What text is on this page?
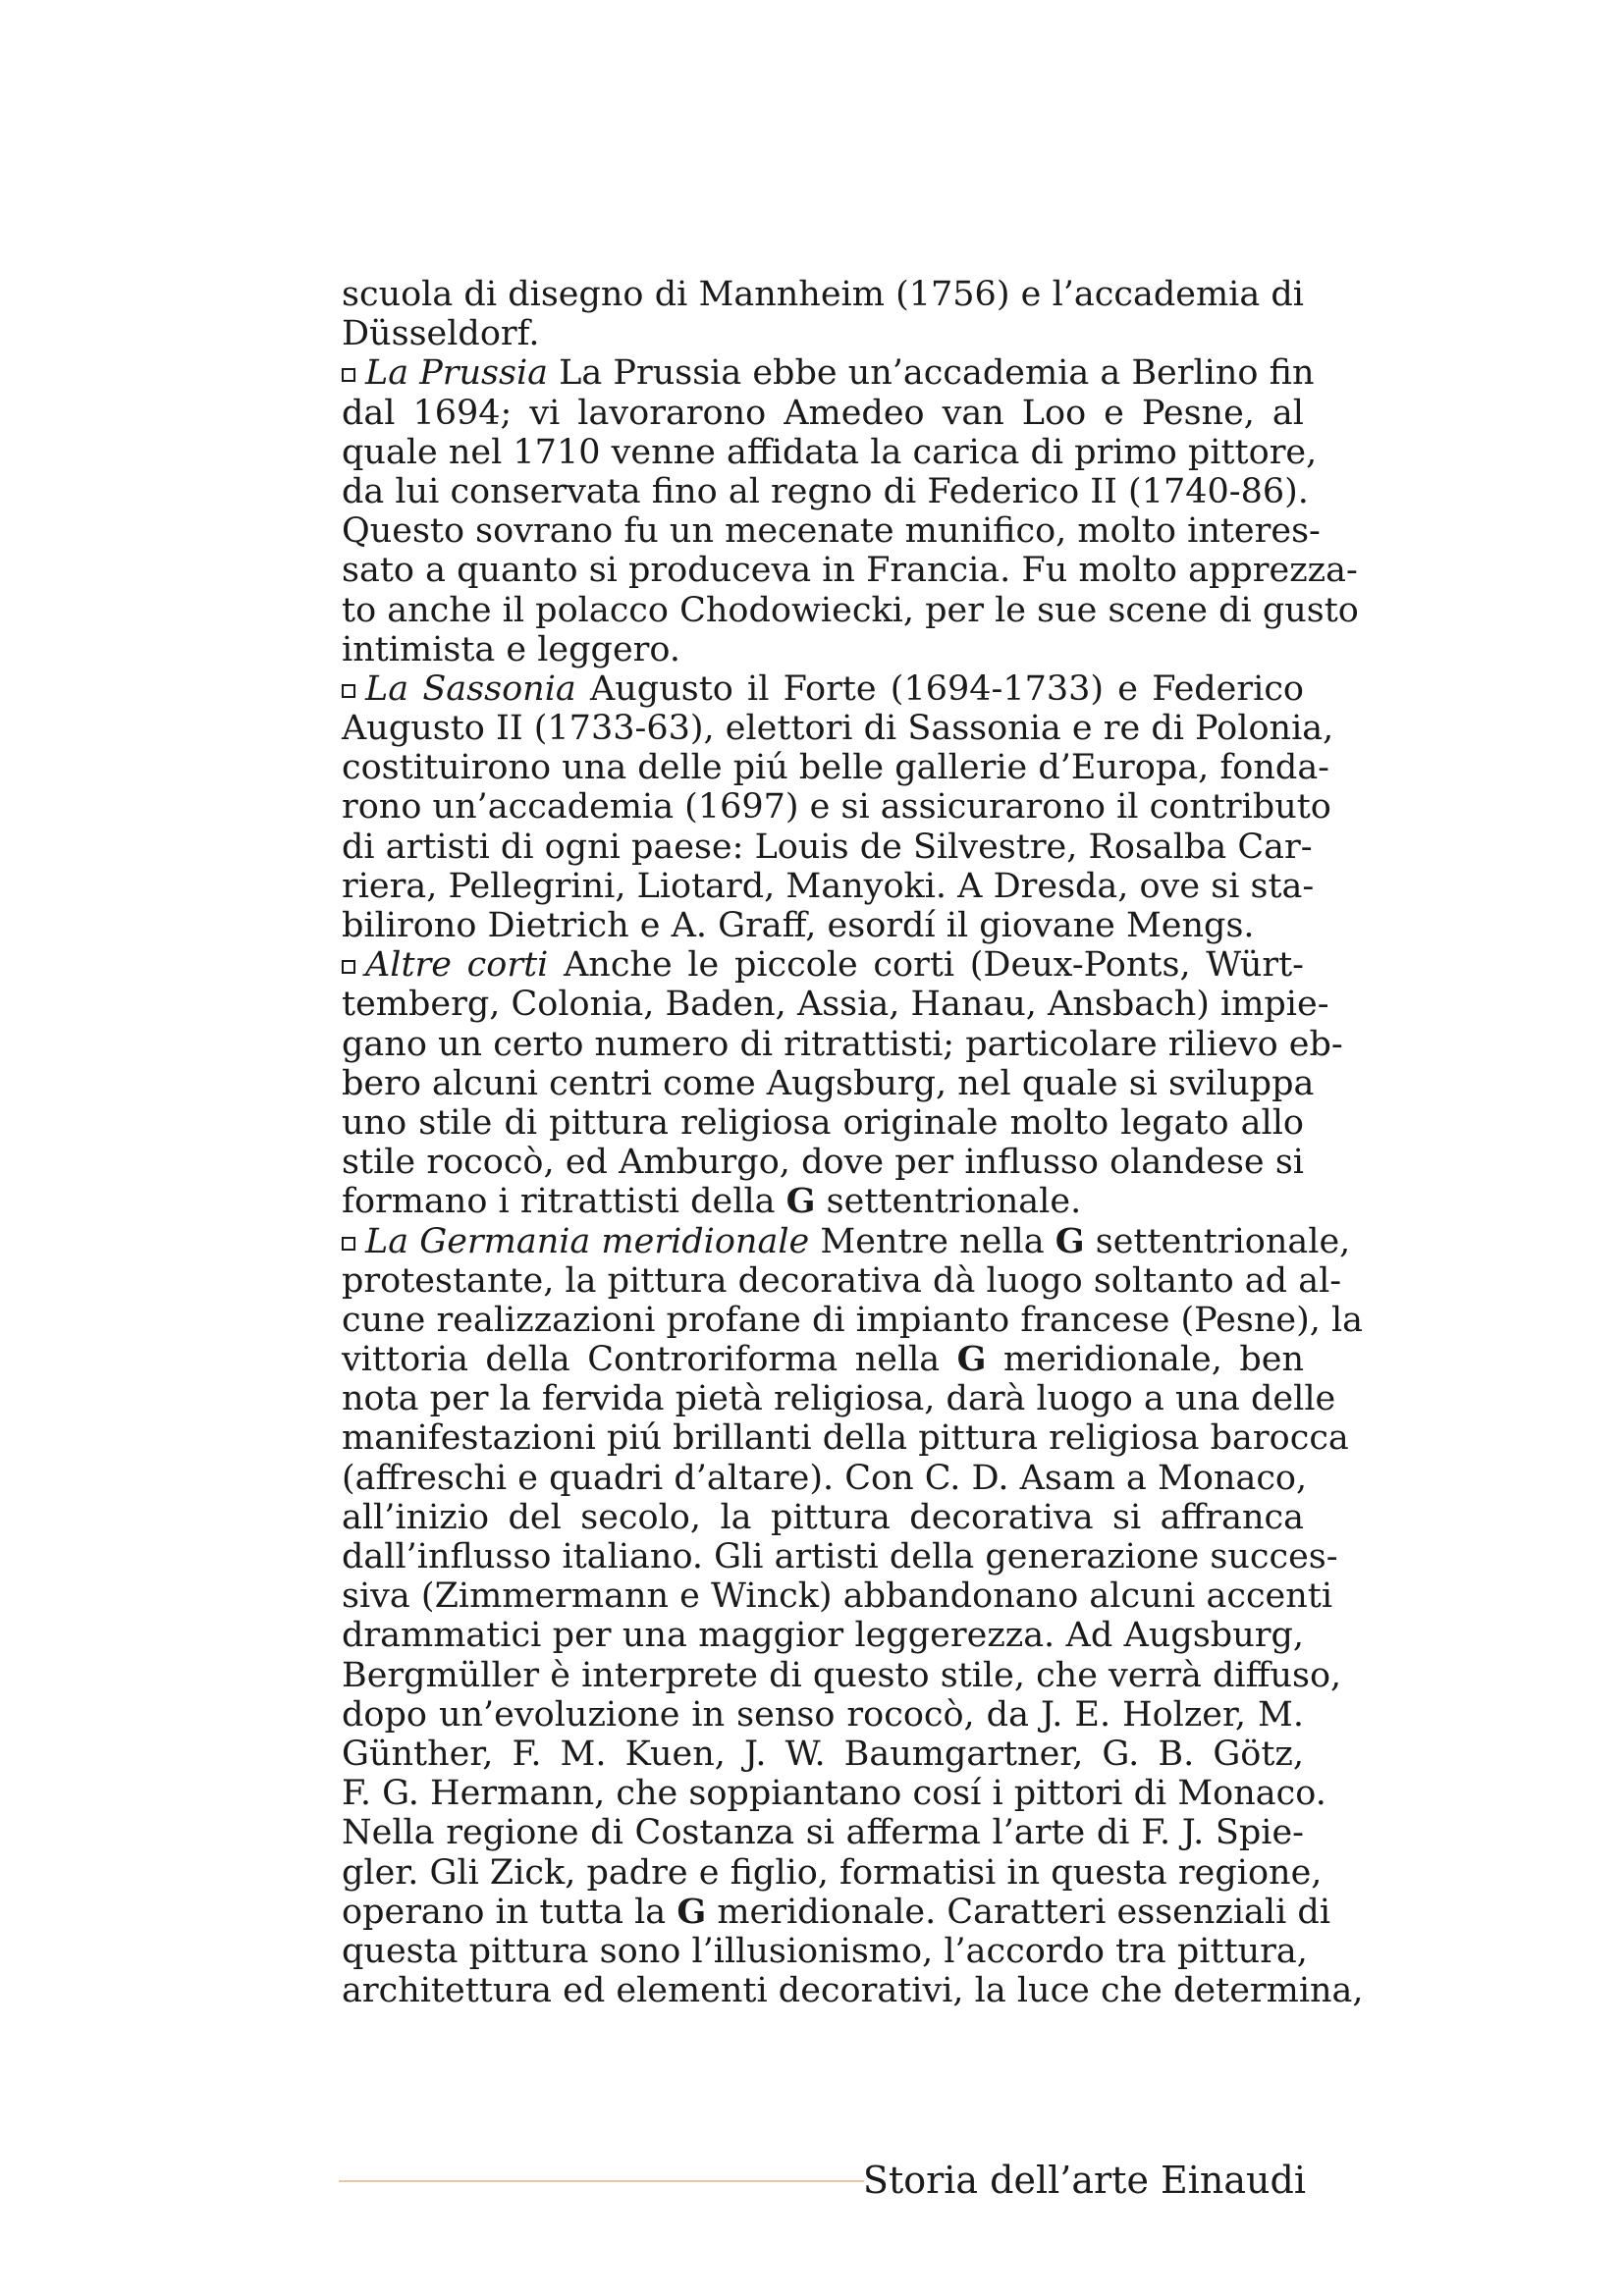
scuola di disegno di Mannheim (1756) e l’accademia di
Düsseldorf.

La Prussia La Prussia ebbe un’accademia a Berlino fin
dal 1694; vi lavorarono Amedeo van Loo e Pesne, al
quale nel 1710 venne affidata la carica di primo pittore,
da lui conservata fino al regno di Federico II (1740-86).
Questo sovrano fu un mecenate munifico, molto interes-
sato a quanto si produceva in Francia. Fu molto apprezza-
to anche il polacco Chodowiecki, per le sue scene di gusto
intimista e leggero.

La Sassonia Augusto il Forte (1694-1733) e Federico
Augusto II (1733-63), elettori di Sassonia e re di Polonia,
costituirono una delle piú belle gallerie d’Europa, fonda-
rono un’accademia (1697) e si assicurarono il contributo
di artisti di ogni paese: Louis de Silvestre, Rosalba Car-
riera, Pellegrini, Liotard, Manyoki. A Dresda, ove si sta-
bilirono Dietrich e A. Graff, esordí il giovane Mengs.

Altre corti Anche le piccole corti (Deux-Ponts, Würt-
temberg, Colonia, Baden, Assia, Hanau, Ansbach) impie-
gano un certo numero di ritrattisti; particolare rilievo eb-
bero alcuni centri come Augsburg, nel quale si sviluppa
uno stile di pittura religiosa originale molto legato allo
stile rococò, ed Amburgo, dove per influsso olandese si
formano i ritrattisti della G settentrionale.

La Germania meridionale Mentre nella G settentrionale,
protestante, la pittura decorativa dà luogo soltanto ad al-
cune realizzazioni profane di impianto francese (Pesne), la
vittoria della Controriforma nella G meridionale, ben
nota per la fervida pietà religiosa, darà luogo a una delle
manifestazioni piú brillanti della pittura religiosa barocca
(affreschi e quadri d’altare). Con C. D. Asam a Monaco,
all’inizio del secolo, la pittura decorativa si affranca
dall’influsso italiano. Gli artisti della generazione succes-
siva (Zimmermann e Winck) abbandonano alcuni accenti
drammatici per una maggior leggerezza. Ad Augsburg,
Bergmüller è interprete di questo stile, che verrà diffuso,
dopo un’evoluzione in senso rococò, da J. E. Holzer, M.
Günther, F. M. Kuen, J. W. Baumgartner, G. B. Götz,
F. G. Hermann, che soppiantano cosí i pittori di Monaco.
Nella regione di Costanza si afferma l’arte di F. J. Spie-
gler. Gli Zick, padre e figlio, formatisi in questa regione,
operano in tutta la G meridionale. Caratteri essenziali di
questa pittura sono l’illusionismo, l’accordo tra pittura,
architettura ed elementi decorativi, la luce che determina,

Storia dell’arte Einaudi
